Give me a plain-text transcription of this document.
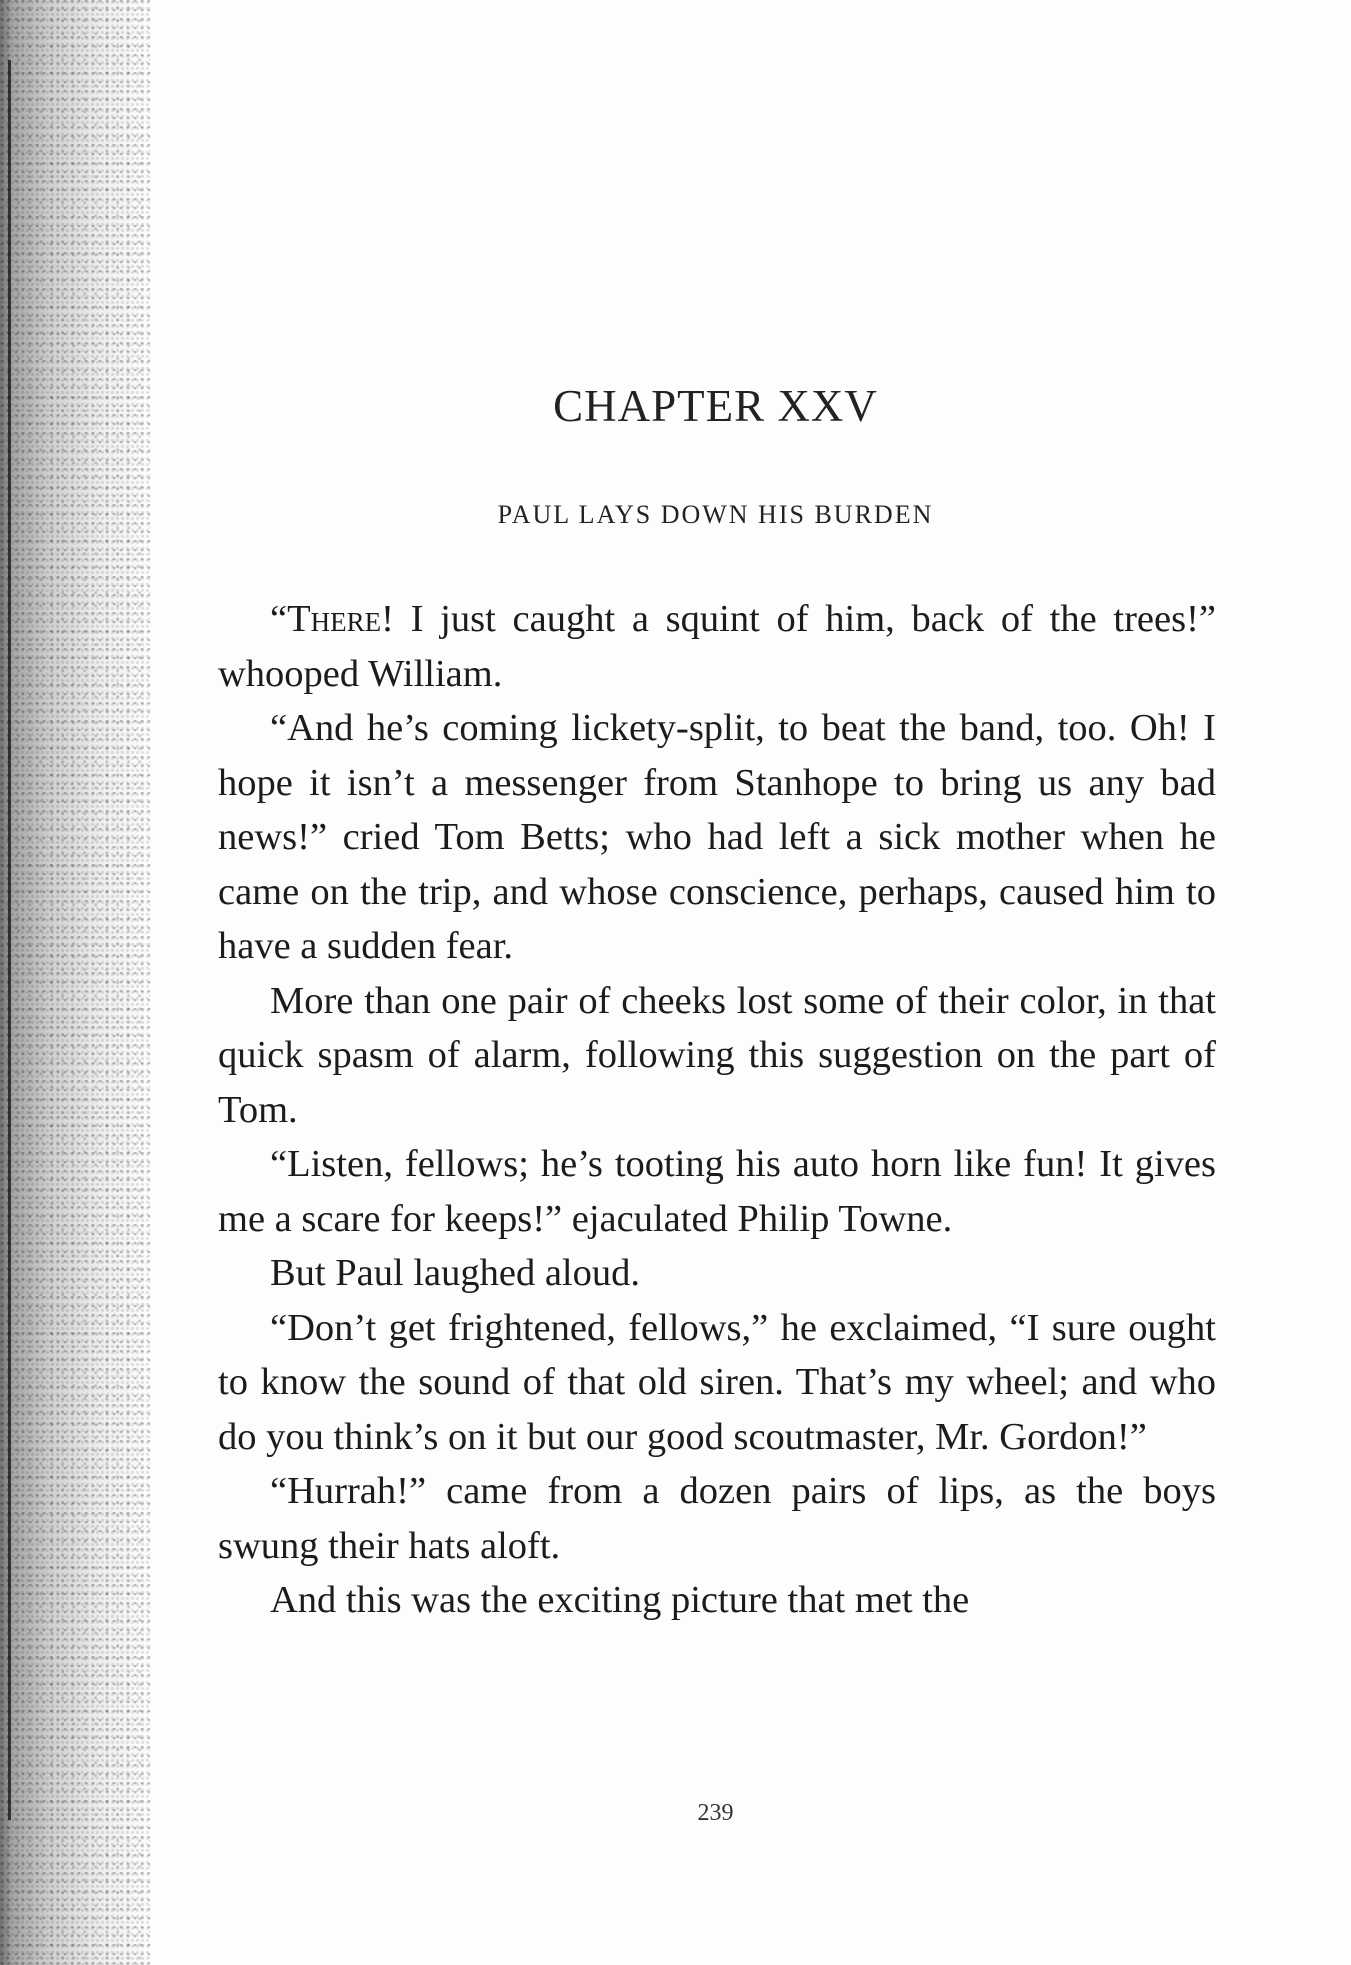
CHAPTER XXV
PAUL LAYS DOWN HIS BURDEN

“There! I just caught a squint of him, back of the trees!” whooped William.

“And he’s coming lickety-split, to beat the band, too. Oh! I hope it isn’t a messenger from Stanhope to bring us any bad news!” cried Tom Betts; who had left a sick mother when he came on the trip, and whose conscience, perhaps, caused him to have a sudden fear.

More than one pair of cheeks lost some of their color, in that quick spasm of alarm, following this suggestion on the part of Tom.

“Listen, fellows; he’s tooting his auto horn like fun! It gives me a scare for keeps!” ejaculated Philip Towne.

But Paul laughed aloud.

“Don’t get frightened, fellows,” he exclaimed, “I sure ought to know the sound of that old siren. That’s my wheel; and who do you think’s on it but our good scoutmaster, Mr. Gordon!”

“Hurrah!” came from a dozen pairs of lips, as the boys swung their hats aloft.

And this was the exciting picture that met the

239
